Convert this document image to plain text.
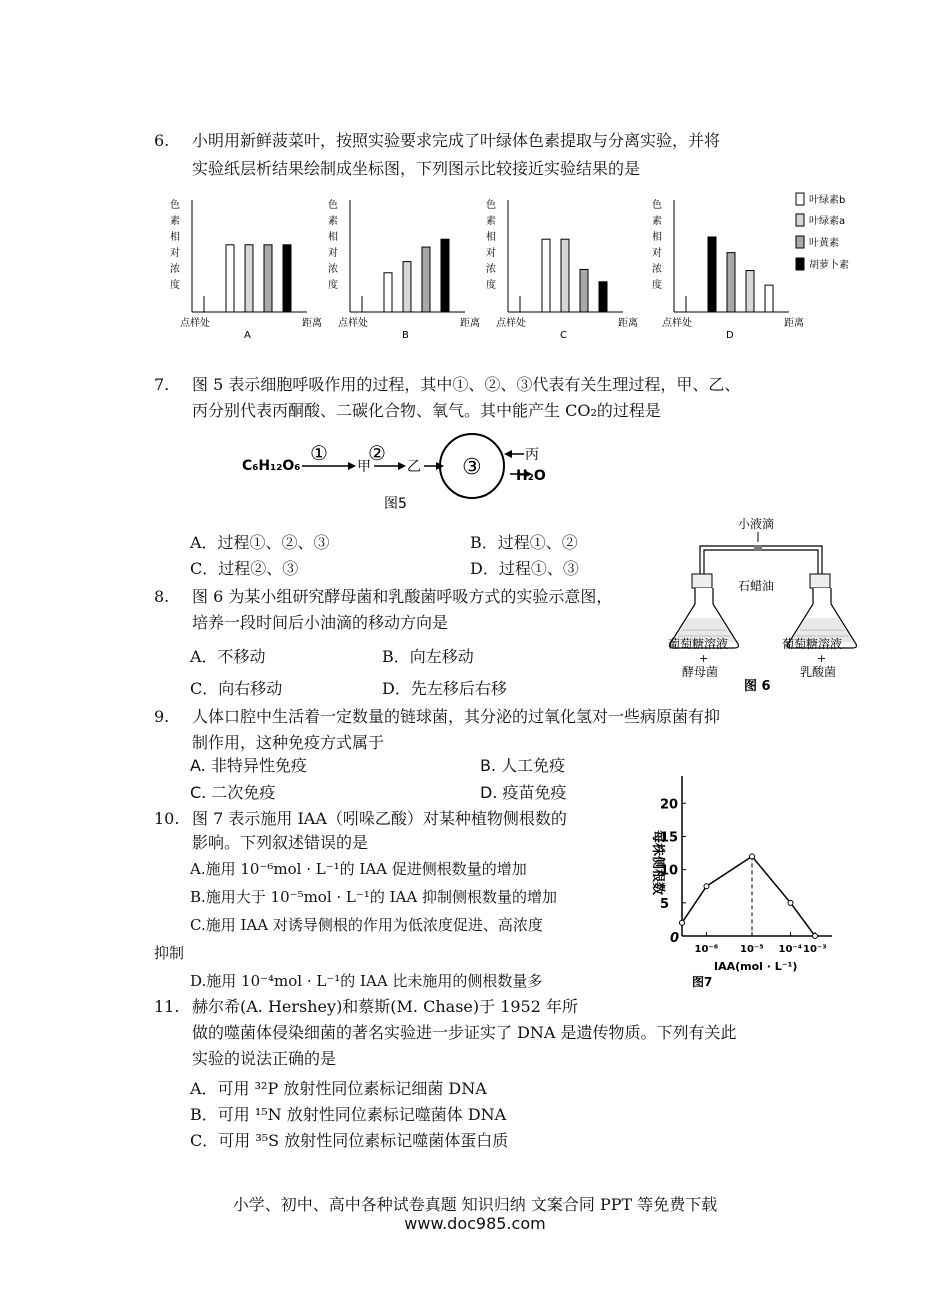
6. 小明用新鲜菠菜叶，按照实验要求完成了叶绿体色素提取与分离实验，并将
实验纸层析结果绘制成坐标图，下列图示比较接近实验结果的是
色
素
相
对
浓
度
点样处	距离
A
色
素
相
对
浓
度
点样处	距离
B
色
素
相
对
浓
度
点样处	距离
C
色
素
相
对
浓
度
点样处	距离
D
叶绿素b
叶绿素a
叶黄素
胡萝卜素
7. 图 5 表示细胞呼吸作用的过程，其中①、②、③代表有关生理过程，甲、乙、
丙分别代表丙酮酸、二碳化合物、氧气。其中能产生 CO₂的过程是
C₆H₁₂O₆
①
甲
②
乙 ③	丙
H₂O
图5
A．过程①、②、③	B．过程①、②
C．过程②、③	D．过程①、③
8. 图 6 为某小组研究酵母菌和乳酸菌呼吸方式的实验示意图，
培养一段时间后小油滴的移动方向是
A．不移动	B．向左移动
C．向右移动	D．先左移后右移
小液滴
石蜡油
葡萄糖溶液
+
酵母菌
葡萄糖溶液
+
乳酸菌
图 6
9. 人体口腔中生活着一定数量的链球菌，其分泌的过氧化氢对一些病原菌有抑
制作用，这种免疫方式属于
A. 非特异性免疫	B. 人工免疫
C. 二次免疫	D. 疫苗免疫
10. 图 7 表示施用 IAA（吲哚乙酸）对某种植物侧根数的
影响。下列叙述错误的是
A.施用 10⁻⁶mol · L⁻¹的 IAA 促进侧根数量的增加
B.施用大于 10⁻⁵mol · L⁻¹的 IAA 抑制侧根数量的增加
C.施用 IAA 对诱导侧根的作用为低浓度促进、高浓度
抑制
D.施用 10⁻⁴mol · L⁻¹的 IAA 比未施用的侧根数量多
20
15
10
5
10⁻⁶ 10⁻⁵ 10⁻⁴ 10⁻³
每株侧根数
0
IAA(mol · L⁻¹)
图7
11. 赫尔希(A. Hershey)和蔡斯(M. Chase)于 1952 年所
做的噬菌体侵染细菌的著名实验进一步证实了 DNA 是遗传物质。下列有关此
实验的说法正确的是
A．可用 ³²P 放射性同位素标记细菌 DNA
B．可用 ¹⁵N 放射性同位素标记噬菌体 DNA
C．可用 ³⁵S 放射性同位素标记噬菌体蛋白质
小学、初中、高中各种试卷真题 知识归纳 文案合同 PPT 等免费下载
www.doc985.com
